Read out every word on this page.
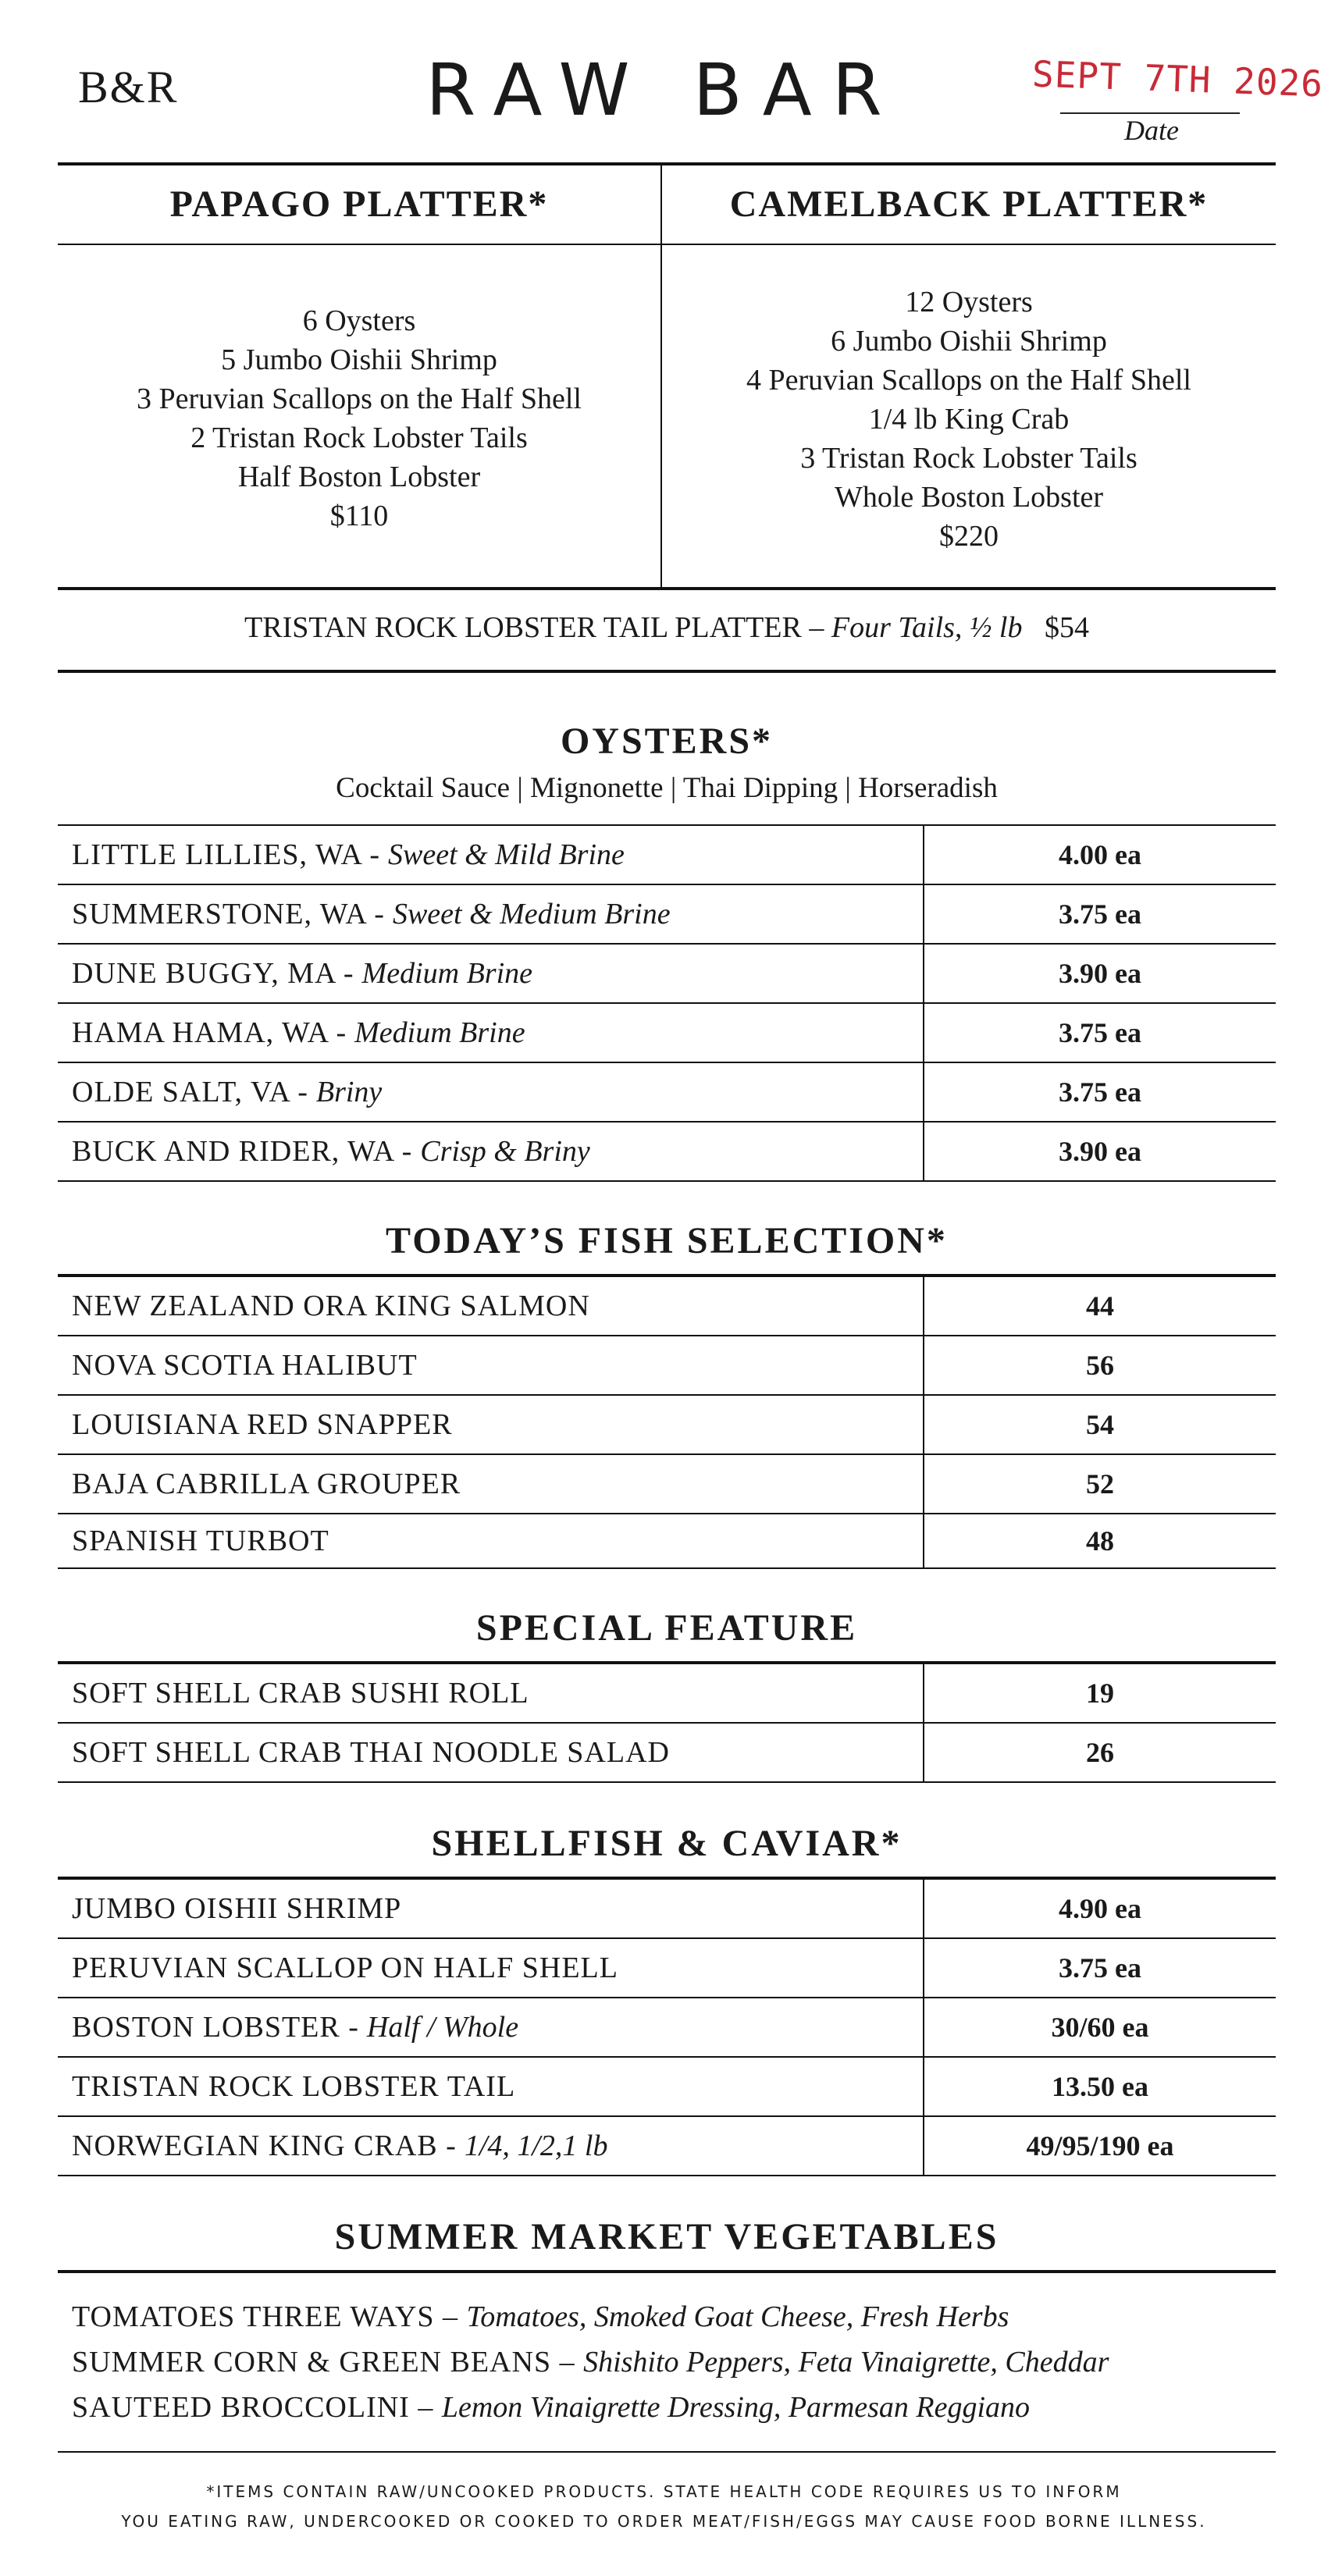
B&R	RAW BAR	SEPT 7TH 2026
Date
PAPAGO PLATTER*	CAMELBACK PLATTER*
6 Oysters
5 Jumbo Oishii Shrimp
3 Peruvian Scallops on the Half Shell
2 Tristan Rock Lobster Tails
Half Boston Lobster
$110
12 Oysters
6 Jumbo Oishii Shrimp
4 Peruvian Scallops on the Half Shell
1/4 lb King Crab
3 Tristan Rock Lobster Tails
Whole Boston Lobster
$220
TRISTAN ROCK LOBSTER TAIL PLATTER – Four Tails, ½ lb $54
OYSTERS*
Cocktail Sauce | Mignonette | Thai Dipping | Horseradish
LITTLE LILLIES, WA - Sweet & Mild Brine	4.00 ea
SUMMERSTONE, WA - Sweet & Medium Brine	3.75 ea
DUNE BUGGY, MA - Medium Brine	3.90 ea
HAMA HAMA, WA - Medium Brine	3.75 ea
OLDE SALT, VA - Briny	3.75 ea
BUCK AND RIDER, WA - Crisp & Briny	3.90 ea
TODAY’S FISH SELECTION*
NEW ZEALAND ORA KING SALMON	44
NOVA SCOTIA HALIBUT	56
LOUISIANA RED SNAPPER	54
BAJA CABRILLA GROUPER	52
SPANISH TURBOT	48
SPECIAL FEATURE
SOFT SHELL CRAB SUSHI ROLL	19
SOFT SHELL CRAB THAI NOODLE SALAD	26
SHELLFISH & CAVIAR*
JUMBO OISHII SHRIMP	4.90 ea
PERUVIAN SCALLOP ON HALF SHELL	3.75 ea
BOSTON LOBSTER - Half / Whole	30/60 ea
TRISTAN ROCK LOBSTER TAIL	13.50 ea
NORWEGIAN KING CRAB - 1/4, 1/2,1 lb	49/95/190 ea
SUMMER MARKET VEGETABLES
TOMATOES THREE WAYS – Tomatoes, Smoked Goat Cheese, Fresh Herbs
SUMMER CORN & GREEN BEANS – Shishito Peppers, Feta Vinaigrette, Cheddar
SAUTEED BROCCOLINI – Lemon Vinaigrette Dressing, Parmesan Reggiano
*ITEMS CONTAIN RAW/UNCOOKED PRODUCTS. STATE HEALTH CODE REQUIRES US TO INFORM
YOU EATING RAW, UNDERCOOKED OR COOKED TO ORDER MEAT/FISH/EGGS MAY CAUSE FOOD BORNE ILLNESS.
